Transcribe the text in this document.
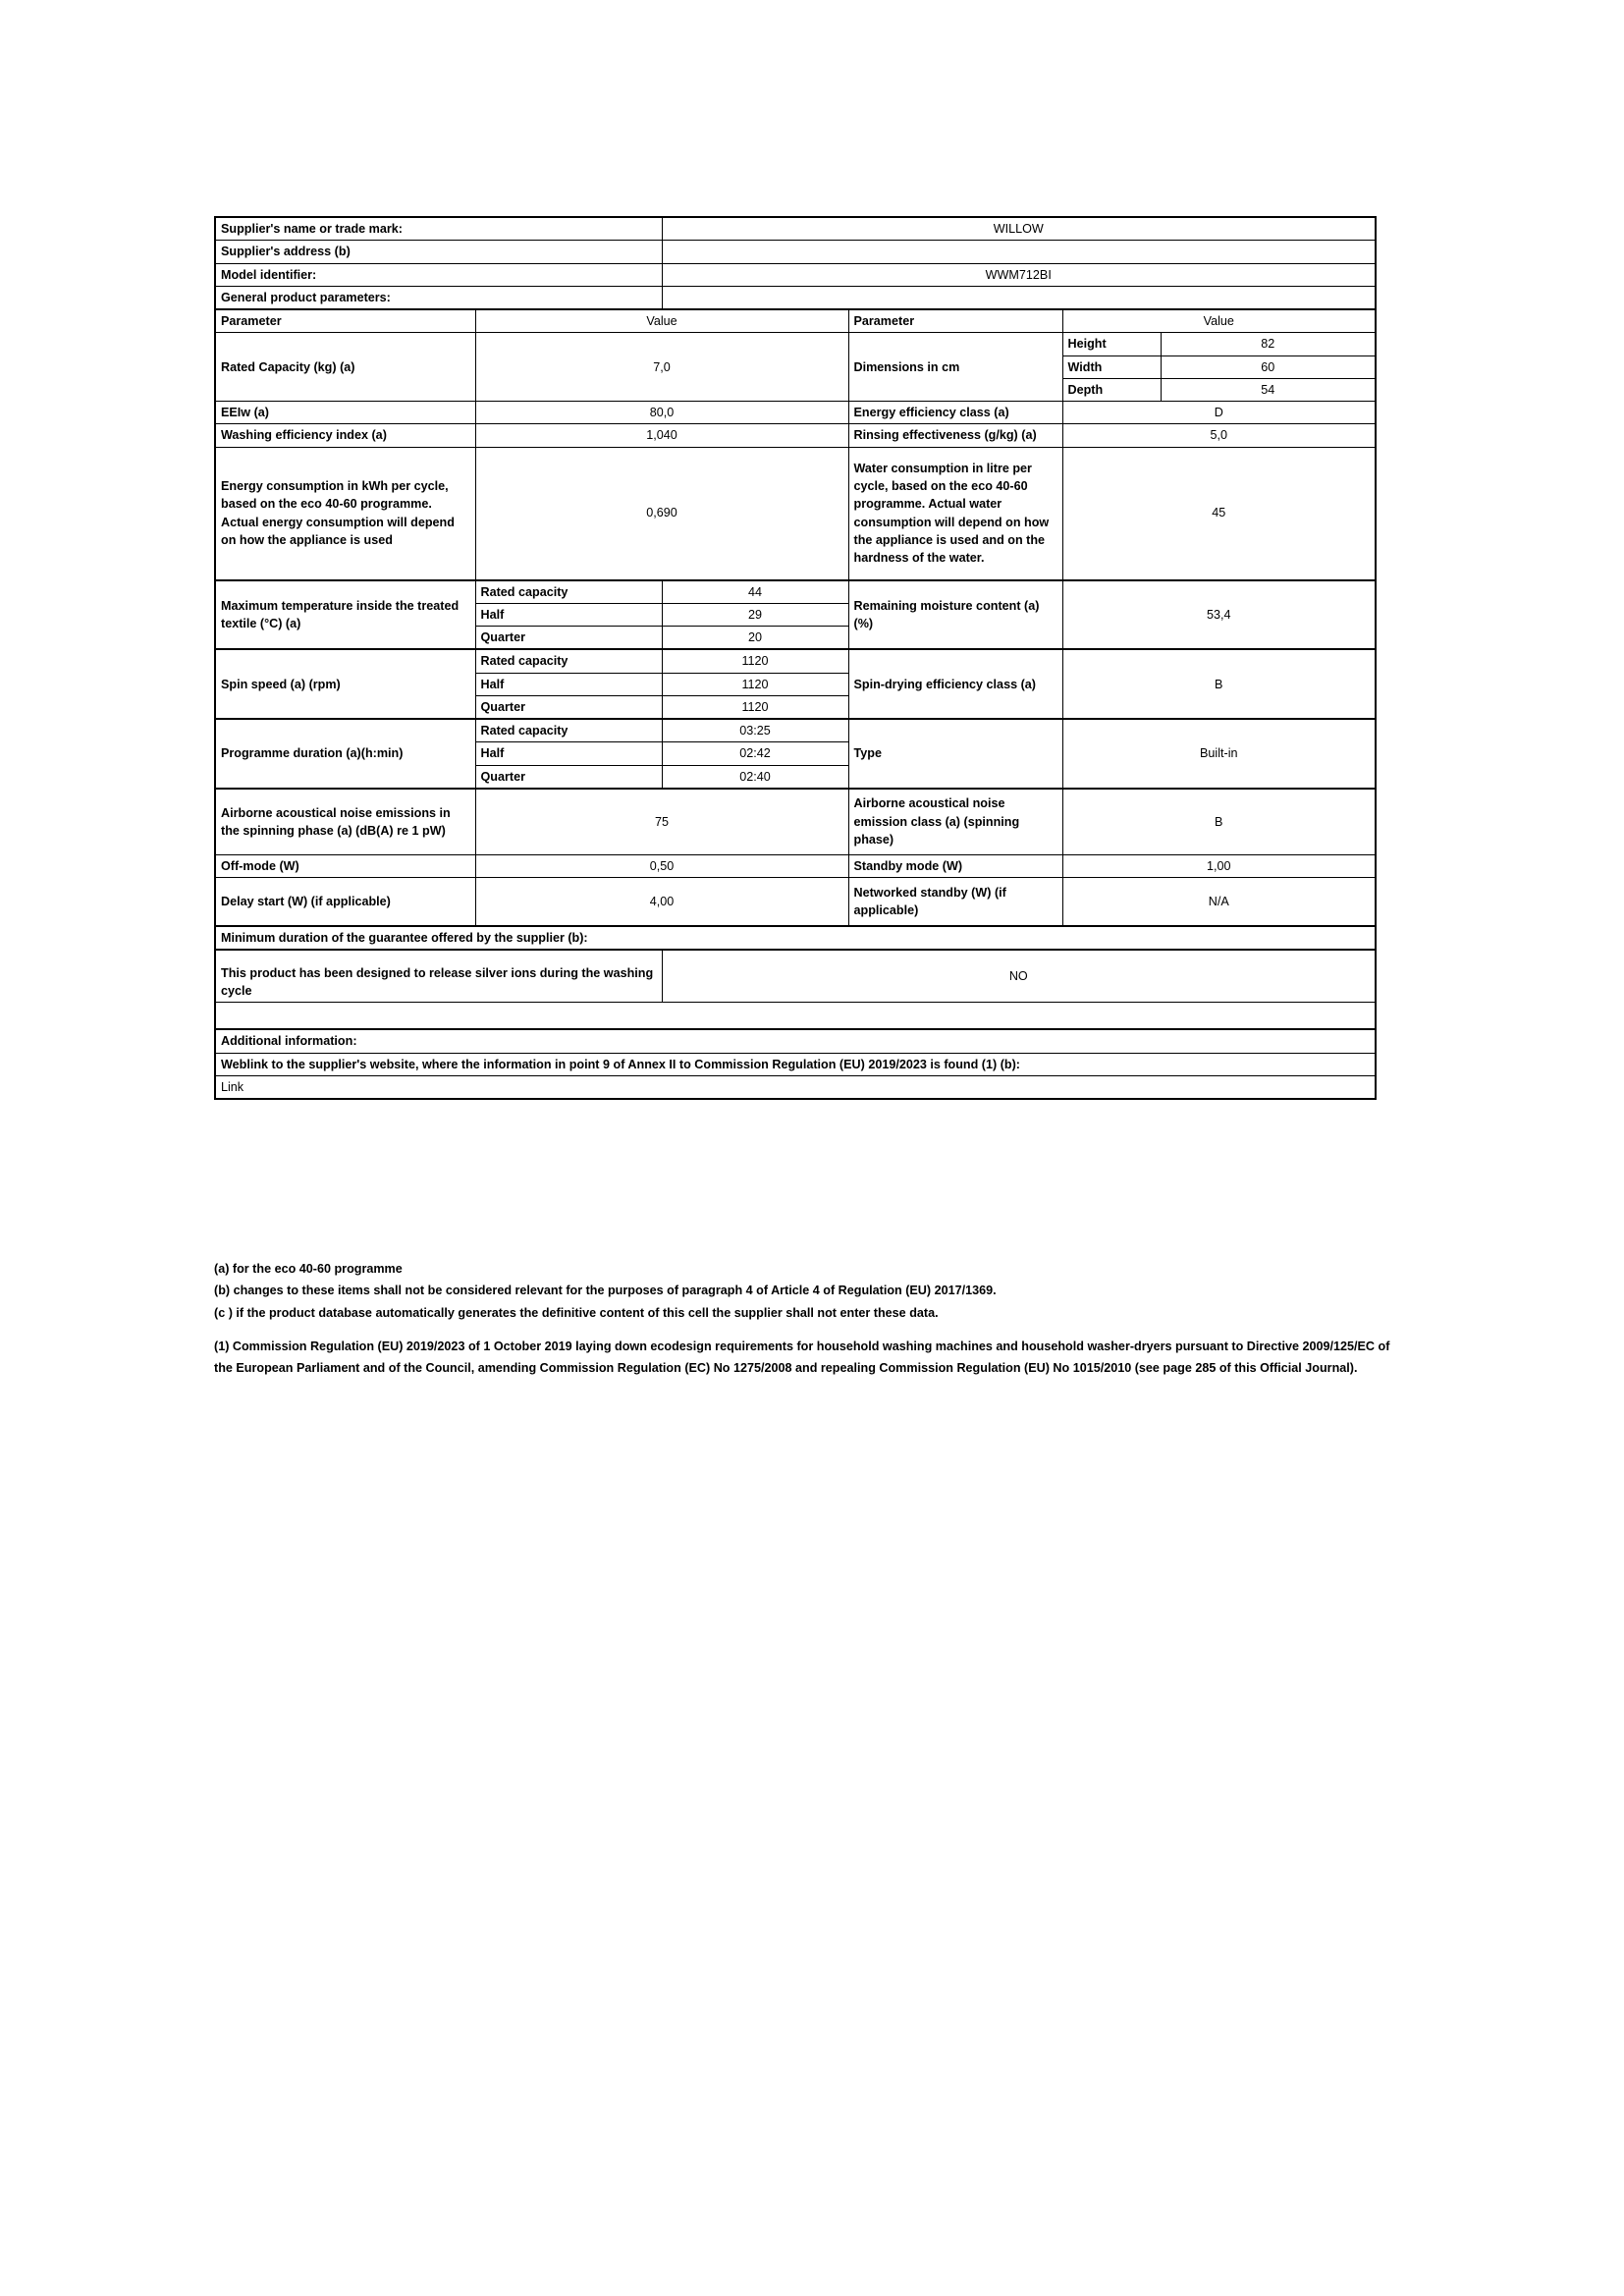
Supplier's name or trade mark:		WILLOW			
Supplier's address (b)					
Model identifier:		WWM712BI			
General product parameters:					
Parameter	Value		Parameter	Value	
Rated Capacity (kg) (a)	7,0		Dimensions in cm	Height	82
				Width	60
				Depth	54
EEIw (a)	80,0		Energy efficiency class (a)	D	
Washing efficiency index (a)	1,040		Rinsing effectiveness (g/kg) (a)	5,0	
Energy consumption in kWh per cycle, based on the eco 40-60 programme. Actual energy consumption will depend on how the appliance is used	0,690		Water consumption in litre per cycle, based on the eco 40-60 programme. Actual water consumption will depend on how the appliance is used and on the hardness of the water.	45	
Maximum temperature inside the treated textile (°C) (a)	Rated capacity	44	Remaining moisture content (a) (%)	53,4	
	Half	29			
	Quarter	20			
Spin speed (a) (rpm)	Rated capacity	1120	Spin-drying efficiency class (a)	B	
	Half	1120			
	Quarter	1120			
Programme duration (a)(h:min)	Rated capacity	03:25	Type	Built-in	
	Half	02:42			
	Quarter	02:40			
Airborne acoustical noise emissions in the spinning phase (a) (dB(A) re 1 pW)	75		Airborne acoustical noise emission class (a) (spinning phase)	B	
Off-mode (W)	0,50		Standby mode (W)	1,00	
Delay start (W) (if applicable)	4,00		Networked standby (W) (if applicable)	N/A	
Minimum duration of the guarantee offered by the supplier (b):					
This product has been designed to release silver ions during the washing cycle		NO			

Additional information:					
Weblink to the supplier's website, where the information in point 9 of Annex II to Commission Regulation (EU) 2019/2023 is found (1) (b):					
Link					

(a) for the eco 40-60 programme

(b) changes to these items shall not be considered relevant for the purposes of paragraph 4 of Article 4 of Regulation (EU) 2017/1369.

(c ) if the product database automatically generates the definitive content of this cell the supplier shall not enter these data.

(1) Commission Regulation (EU) 2019/2023 of 1 October 2019 laying down ecodesign requirements for household washing machines and household washer-dryers pursuant to Directive 2009/125/EC of the European Parliament and of the Council, amending Commission Regulation (EC) No 1275/2008 and repealing Commission Regulation (EU) No 1015/2010 (see page 285 of this Official Journal).
